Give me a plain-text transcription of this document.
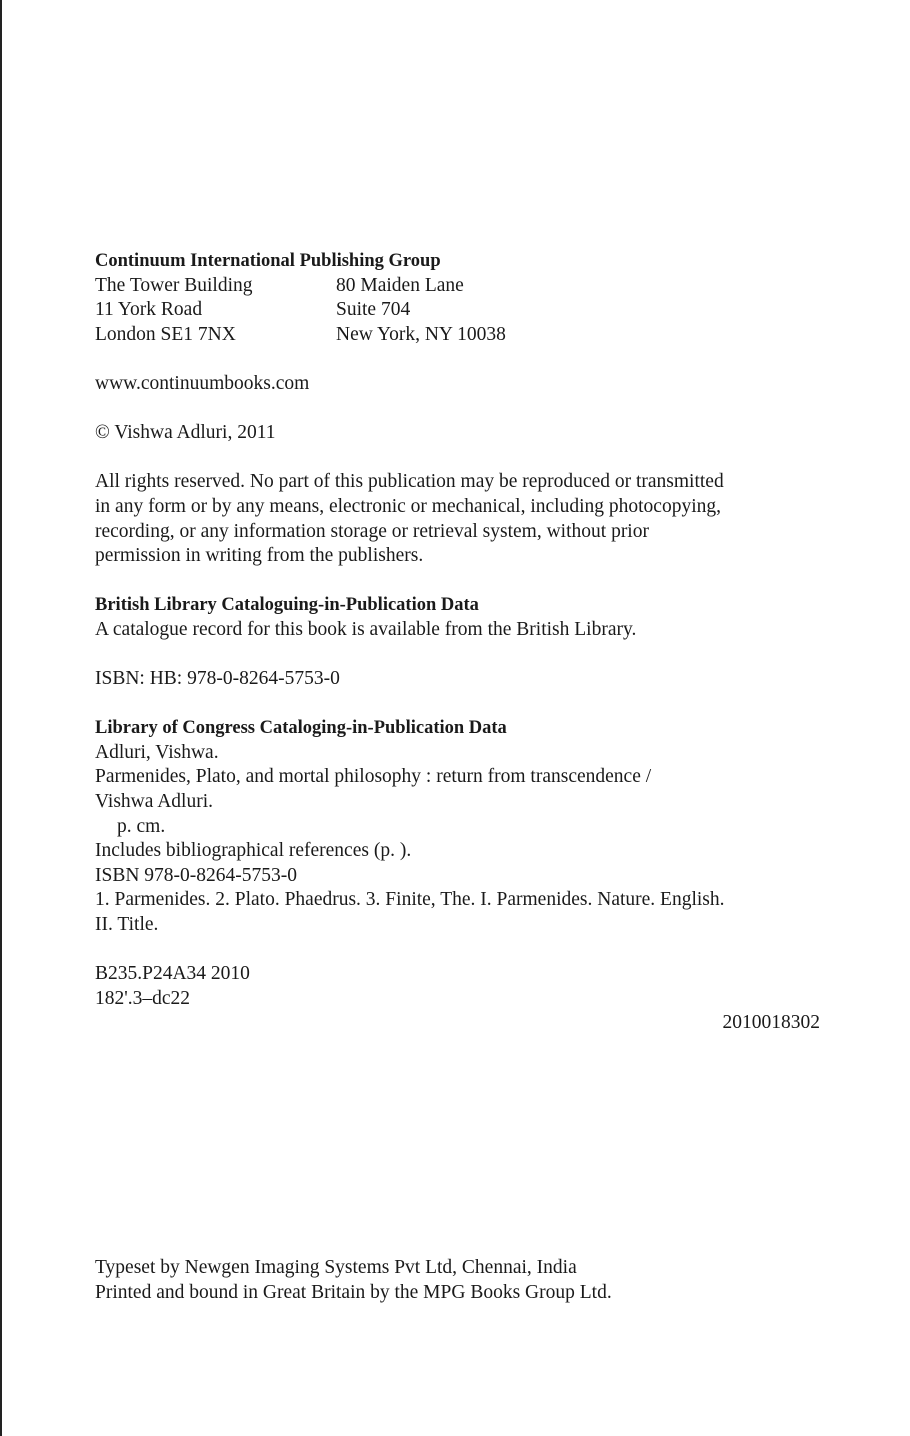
Continuum International Publishing Group
The Tower Building	80 Maiden Lane
11 York Road	Suite 704
London SE1 7NX	New York, NY 10038
www.continuumbooks.com
© Vishwa Adluri, 2011
All rights reserved. No part of this publication may be reproduced or transmitted
in any form or by any means, electronic or mechanical, including photocopying,
recording, or any information storage or retrieval system, without prior
permission in writing from the publishers.
British Library Cataloguing-in-Publication Data
A catalogue record for this book is available from the British Library.
ISBN: HB: 978-0-8264-5753-0
Library of Congress Cataloging-in-Publication Data
Adluri, Vishwa.
Parmenides, Plato, and mortal philosophy : return from transcendence /
Vishwa Adluri.
p. cm.
Includes bibliographical references (p. ).
ISBN 978-0-8264-5753-0
1. Parmenides. 2. Plato. Phaedrus. 3. Finite, The. I. Parmenides. Nature. English.
II. Title.
B235.P24A34 2010
182'.3–dc22
2010018302
Typeset by Newgen Imaging Systems Pvt Ltd, Chennai, India
Printed and bound in Great Britain by the MPG Books Group Ltd.
